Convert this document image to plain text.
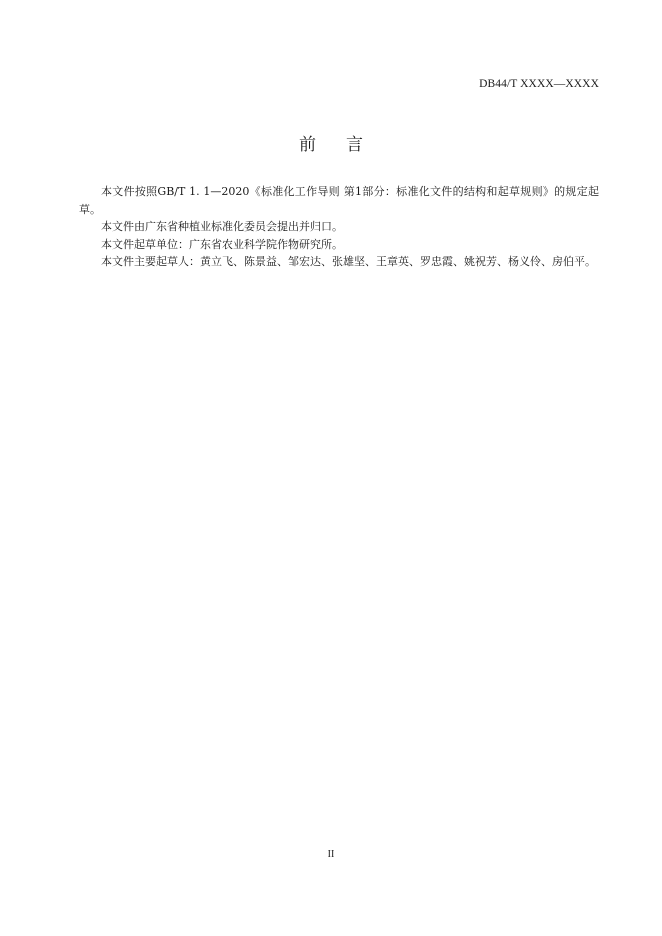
DB44/T XXXX—XXXX
前 言

本文件按照GB/T 1. 1—2020《标准化工作导则 第1部分：标准化文件的结构和起草规则》的规定起草。

本文件由广东省种植业标准化委员会提出并归口。

本文件起草单位：广东省农业科学院作物研究所。

本文件主要起草人：黄立飞、陈景益、邹宏达、张雄坚、王章英、罗忠霞、姚祝芳、杨义伶、房伯平。

II
